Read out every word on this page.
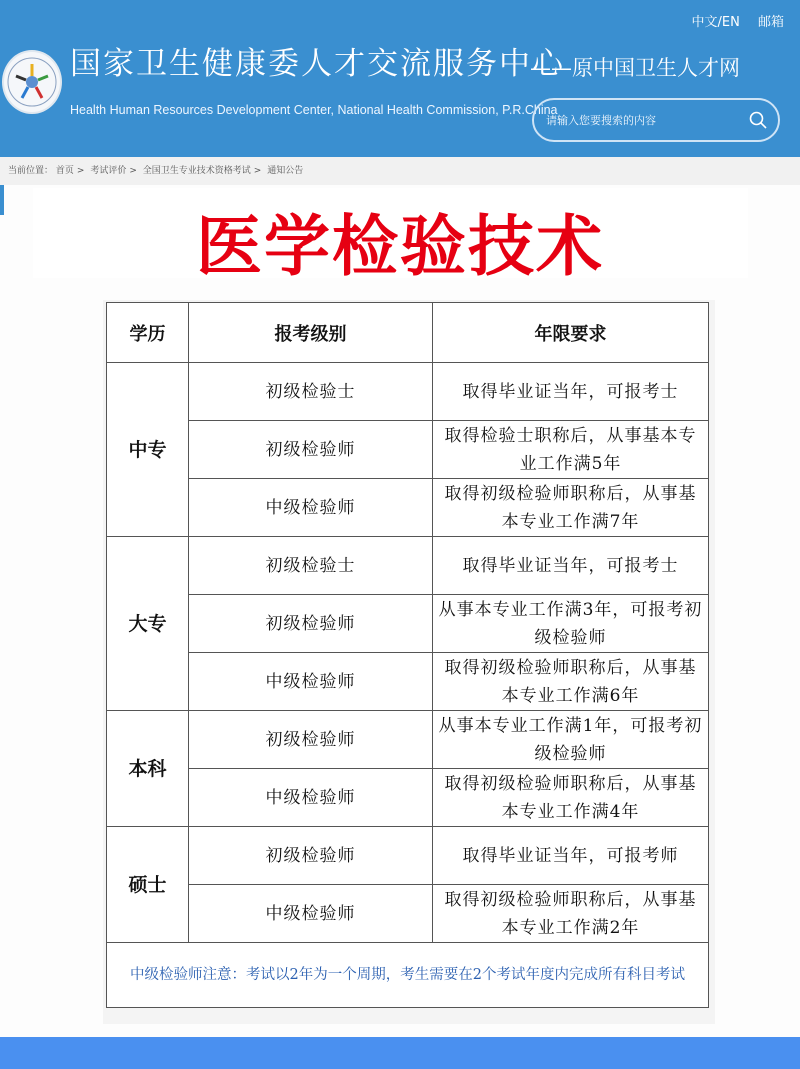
国家卫生健康委人才交流服务中心
Health Human Resources Development Center, National Health Commission, P.R.China
——原中国卫生人才网
中文/EN 邮箱
请输入您要搜索的内容
当前位置： 首页 > 考试评价 > 全国卫生专业技术资格考试 > 通知公告
医学检验技术
学历	报考级别	年限要求
中专	初级检验士	取得毕业证当年，可报考士
	初级检验师	取得检验士职称后，从事基本专业工作满5年
	中级检验师	取得初级检验师职称后，从事基本专业工作满7年
大专	初级检验士	取得毕业证当年，可报考士
	初级检验师	从事本专业工作满3年，可报考初级检验师
	中级检验师	取得初级检验师职称后，从事基本专业工作满6年
本科	初级检验师	从事本专业工作满1年，可报考初级检验师
	中级检验师	取得初级检验师职称后，从事基本专业工作满4年
硕士	初级检验师	取得毕业证当年，可报考师
	中级检验师	取得初级检验师职称后，从事基本专业工作满2年
中级检验师注意：考试以2年为一个周期，考生需要在2个考试年度内完成所有科目考试		
